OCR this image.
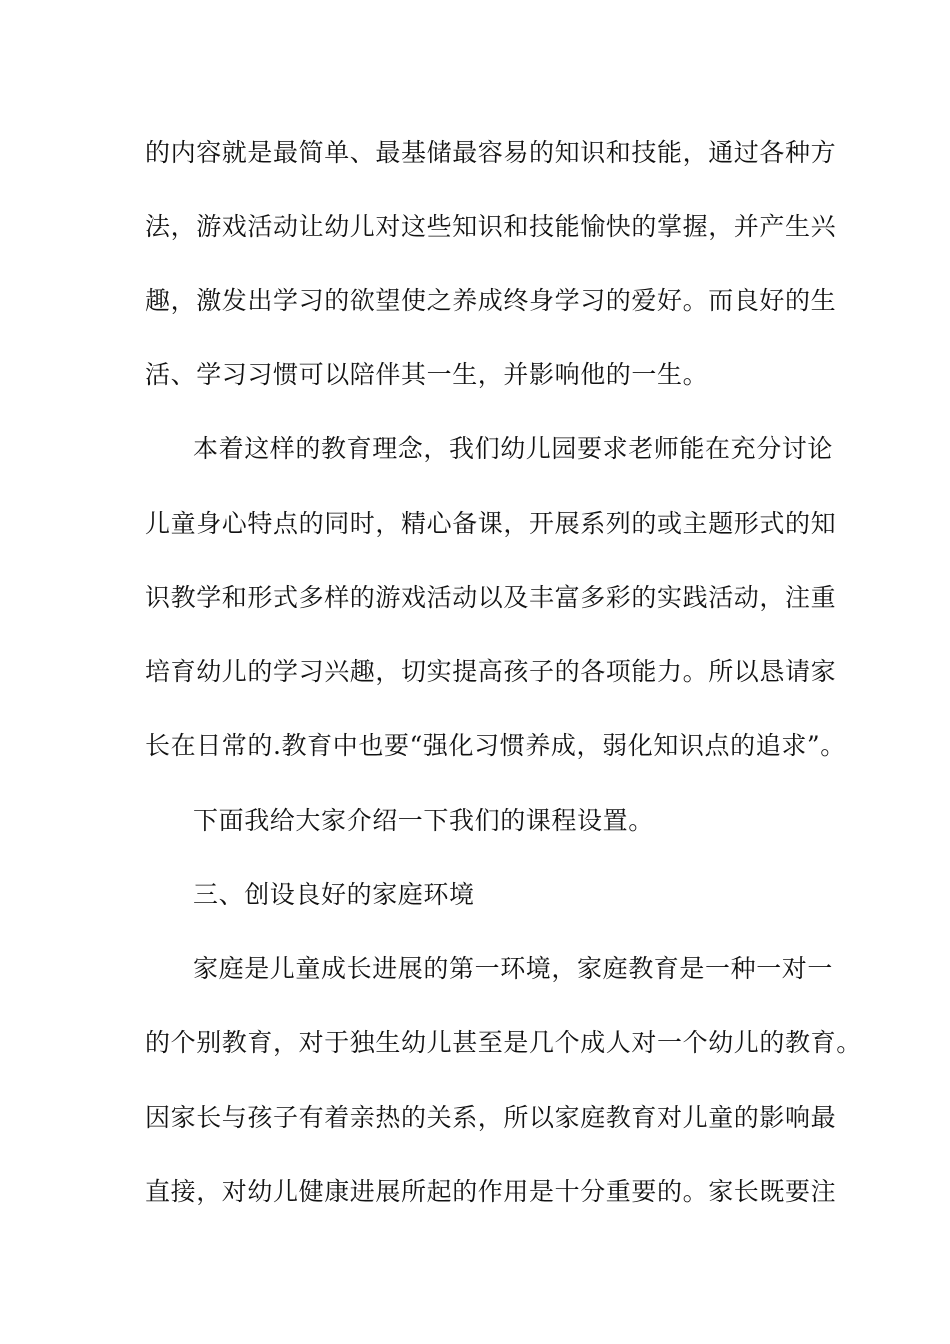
的内容就是最简单、最基储最容易的知识和技能，通过各种方
法，游戏活动让幼儿对这些知识和技能愉快的掌握，并产生兴
趣，激发出学习的欲望使之养成终身学习的爱好。而良好的生
活、学习习惯可以陪伴其一生，并影响他的一生。
本着这样的教育理念，我们幼儿园要求老师能在充分讨论
儿童身心特点的同时，精心备课，开展系列的或主题形式的知
识教学和形式多样的游戏活动以及丰富多彩的实践活动，注重
培育幼儿的学习兴趣，切实提高孩子的各项能力。所以恳请家
长在日常的.教育中也要“强化习惯养成，弱化知识点的追求”。
下面我给大家介绍一下我们的课程设置。
三、创设良好的家庭环境
家庭是儿童成长进展的第一环境，家庭教育是一种一对一
的个别教育，对于独生幼儿甚至是几个成人对一个幼儿的教育。
因家长与孩子有着亲热的关系，所以家庭教育对儿童的影响最
直接，对幼儿健康进展所起的作用是十分重要的。家长既要注
